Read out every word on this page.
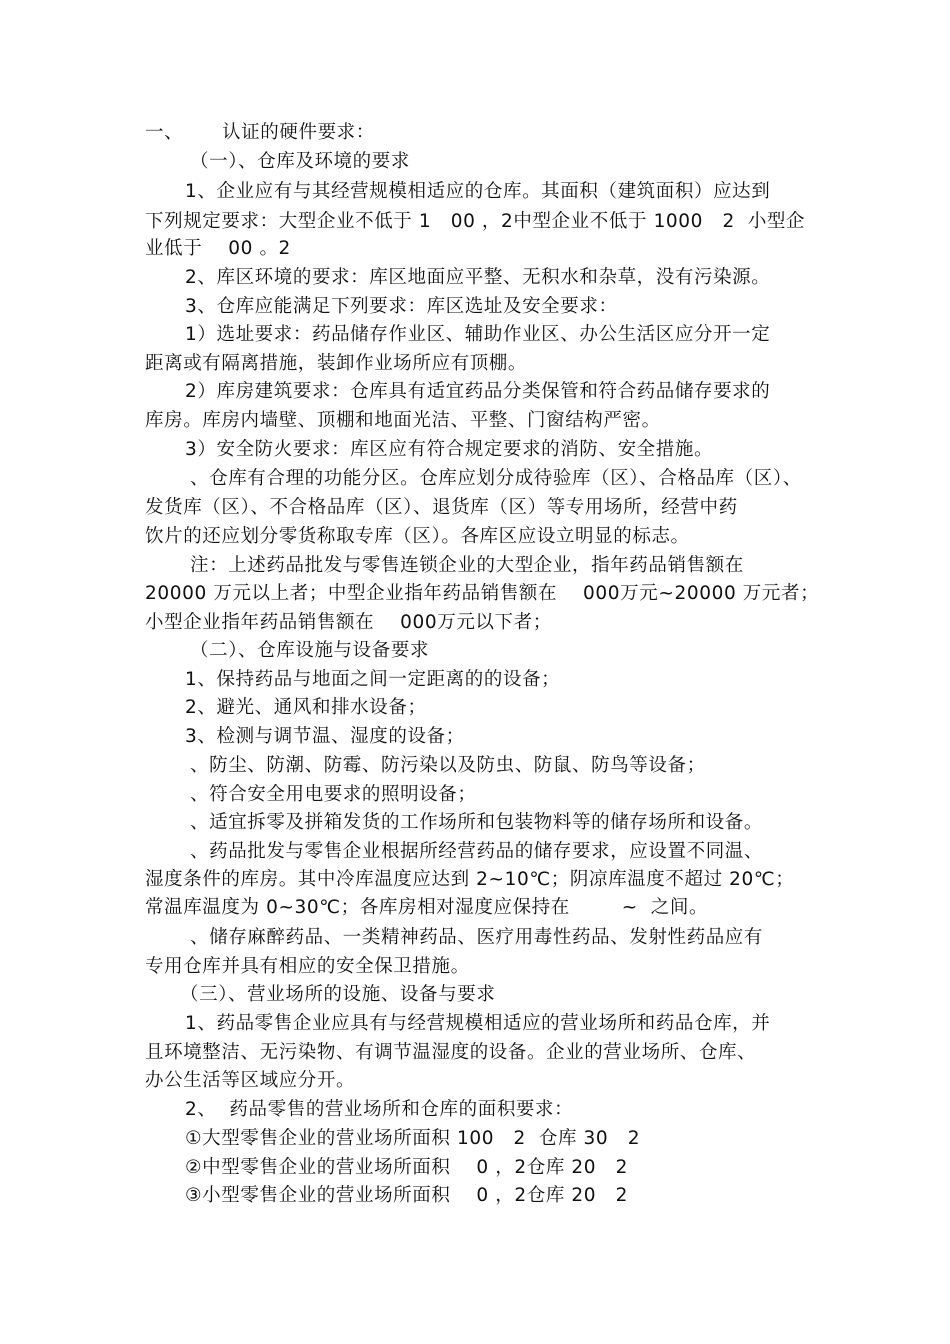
一、      认证的硬件要求：
（一）、仓库及环境的要求
1、企业应有与其经营规模相适应的仓库。其面积（建筑面积）应达到
下列规定要求：大型企业不低于 1   00 ，2中型企业不低于 1000   2  小型企
业低于    00 。2
2、库区环境的要求：库区地面应平整、无积水和杂草，没有污染源。
3、仓库应能满足下列要求：库区选址及安全要求：
1）选址要求：药品储存作业区、辅助作业区、办公生活区应分开一定
距离或有隔离措施，装卸作业场所应有顶棚。
2）库房建筑要求：仓库具有适宜药品分类保管和符合药品储存要求的
库房。库房内墙壁、顶棚和地面光洁、平整、门窗结构严密。
3）安全防火要求：库区应有符合规定要求的消防、安全措施。
、仓库有合理的功能分区。仓库应划分成待验库（区）、合格品库（区）、
发货库（区）、不合格品库（区）、退货库（区）等专用场所，经营中药
饮片的还应划分零货称取专库（区）。各库区应设立明显的标志。
注：上述药品批发与零售连锁企业的大型企业，指年药品销售额在
20000 万元以上者；中型企业指年药品销售额在    000万元~20000 万元者；
小型企业指年药品销售额在    000万元以下者；
（二）、仓库设施与设备要求
1、保持药品与地面之间一定距离的的设备；
2、避光、通风和排水设备；
3、检测与调节温、湿度的设备；
、防尘、防潮、防霉、防污染以及防虫、防鼠、防鸟等设备；
、符合安全用电要求的照明设备；
、适宜拆零及拼箱发货的工作场所和包装物料等的储存场所和设备。
、药品批发与零售企业根据所经营药品的储存要求，应设置不同温、
湿度条件的库房。其中冷库温度应达到 2~10℃；阴凉库温度不超过 20℃；
常温库温度为 0~30℃；各库房相对湿度应保持在        ~  之间。
、储存麻醉药品、一类精神药品、医疗用毒性药品、发射性药品应有
专用仓库并具有相应的安全保卫措施。
（三）、营业场所的设施、设备与要求
1、药品零售企业应具有与经营规模相适应的营业场所和药品仓库，并
且环境整洁、无污染物、有调节温湿度的设备。企业的营业场所、仓库、
办公生活等区域应分开。
2、  药品零售的营业场所和仓库的面积要求：
①大型零售企业的营业场所面积 100   2  仓库 30   2
②中型零售企业的营业场所面积    0 ，2仓库 20   2
③小型零售企业的营业场所面积    0 ，2仓库 20   2
